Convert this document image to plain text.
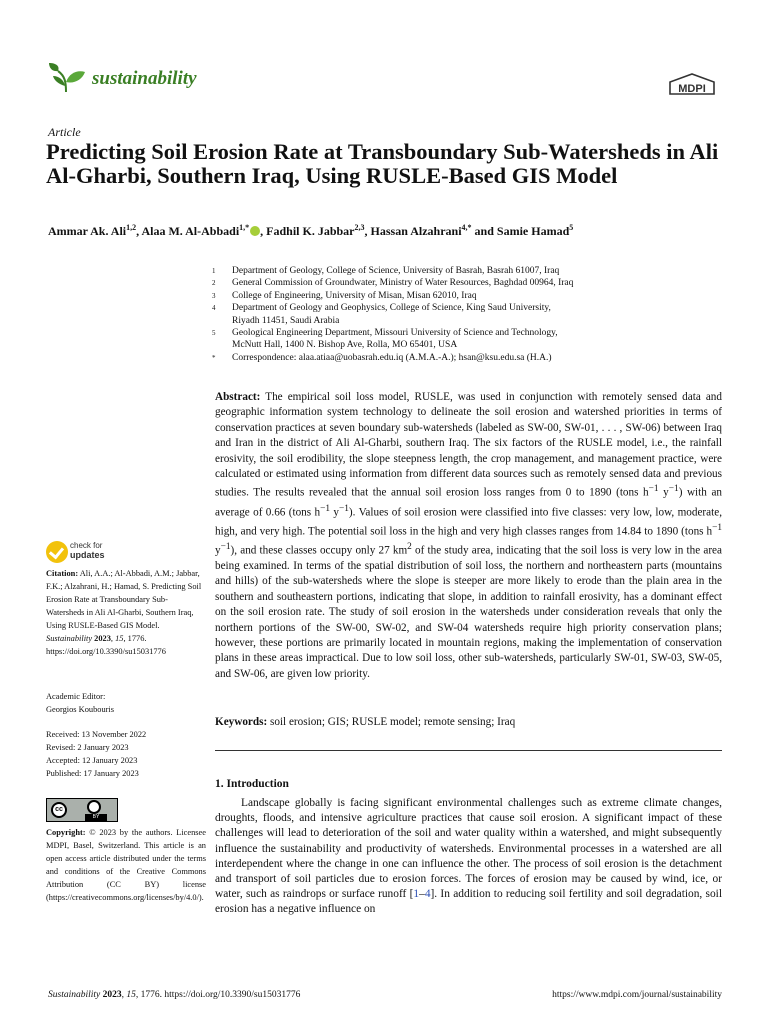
sustainability	MDPI
Article
Predicting Soil Erosion Rate at Transboundary Sub-Watersheds in Ali Al-Gharbi, Southern Iraq, Using RUSLE-Based GIS Model
Ammar Ak. Ali$^{1,2}$, Alaa M. Al-Abbadi$^{1,*}$ , Fadhil K. Jabbar$^{2,3}$, Hassan Alzahrani$^{4,*}$ and Samie Hamad$^5$
1	Department of Geology, College of Science, University of Basrah, Basrah 61007, Iraq
2	General Commission of Groundwater, Ministry of Water Resources, Baghdad 00964, Iraq
3	College of Engineering, University of Misan, Misan 62010, Iraq
4	Department of Geology and Geophysics, College of Science, King Saud University,
Riyadh 11451, Saudi Arabia
5	Geological Engineering Department, Missouri University of Science and Technology,
McNutt Hall, 1400 N. Bishop Ave, Rolla, MO 65401, USA
*	Correspondence: alaa.atiaa@uobasrah.edu.iq (A.M.A.-A.); hsan@ksu.edu.sa (H.A.)
Abstract: The empirical soil loss model, RUSLE, was used in conjunction with remotely sensed data and geographic information system technology to delineate the soil erosion and watershed priorities in terms of conservation practices at seven boundary sub-watersheds (labeled as SW-00, SW-01, . . . , SW-06) between Iraq and Iran in the district of Ali Al-Gharbi, southern Iraq. The six factors of the RUSLE model, i.e., the rainfall erosivity, the soil erodibility, the slope steepness length, the crop management, and management practice, were calculated or estimated using information from different data sources such as remotely sensed data and previous studies. The results revealed that the annual soil erosion loss ranges from 0 to 1890 (tons $h^{-1}$ $y^{-1}$) with an average of 0.66 (tons $h^{-1}$ $y^{-1}$). Values of soil erosion were classified into five classes: very low, low, moderate, high, and very high. The potential soil loss in the high and very high classes ranges from 14.84 to 1890 (tons $h^{-1}$ $y^{-1}$), and these classes occupy only 27 $km^2$ of the study area, indicating that the soil loss is very low in the area being examined. In terms of the spatial distribution of soil loss, the northern and northeastern parts (mountains and hills) of the sub-watersheds where the slope is steeper are more likely to erode than the plain area in the southern and southeastern portions, indicating that slope, in addition to rainfall erosivity, has a dominant effect on the soil erosion rate. The study of soil erosion in the watersheds under consideration reveals that only the northern portions of the SW-00, SW-02, and SW-04 watersheds require high priority conservation plans; however, these portions are primarily located in mountain regions, making the implementation of conservation plans in these areas impractical. Due to low soil loss, other sub-watersheds, particularly SW-01, SW-03, SW-05, and SW-06, are given low priority.
Keywords: soil erosion; GIS; RUSLE model; remote sensing; Iraq
1. Introduction
Landscape globally is facing significant environmental challenges such as extreme climate changes, droughts, floods, and intensive agriculture practices that cause soil erosion. A significant impact of these challenges will lead to deterioration of the soil and water quality within a watershed, and might subsequently influence the sustainability and productivity of watersheds. Environmental processes in a watershed are all interdependent where the change in one can influence the other. The process of soil erosion is the detachment and transport of soil particles due to erosion forces. The forces of erosion may be caused by wind, ice, or water, such as raindrops or surface runoff [1–4]. In addition to reducing soil fertility and soil degradation, soil erosion has a negative influence on
check for
updates
Citation: Ali, A.A.; Al-Abbadi, A.M.; Jabbar, F.K.; Alzahrani, H.; Hamad, S. Predicting Soil Erosion Rate at Transboundary Sub-Watersheds in Ali Al-Gharbi, Southern Iraq, Using RUSLE-Based GIS Model. Sustainability 2023, 15, 1776. https://doi.org/10.3390/su15031776
Academic Editor:
Georgios Koubouris
Received: 13 November 2022
Revised: 2 January 2023
Accepted: 12 January 2023
Published: 17 January 2023
cc
BY
Copyright: © 2023 by the authors. Licensee MDPI, Basel, Switzerland. This article is an open access article distributed under the terms and conditions of the Creative Commons Attribution (CC BY) license (https://creativecommons.org/licenses/by/4.0/).
Sustainability 2023, 15, 1776. https://doi.org/10.3390/su15031776	https://www.mdpi.com/journal/sustainability
